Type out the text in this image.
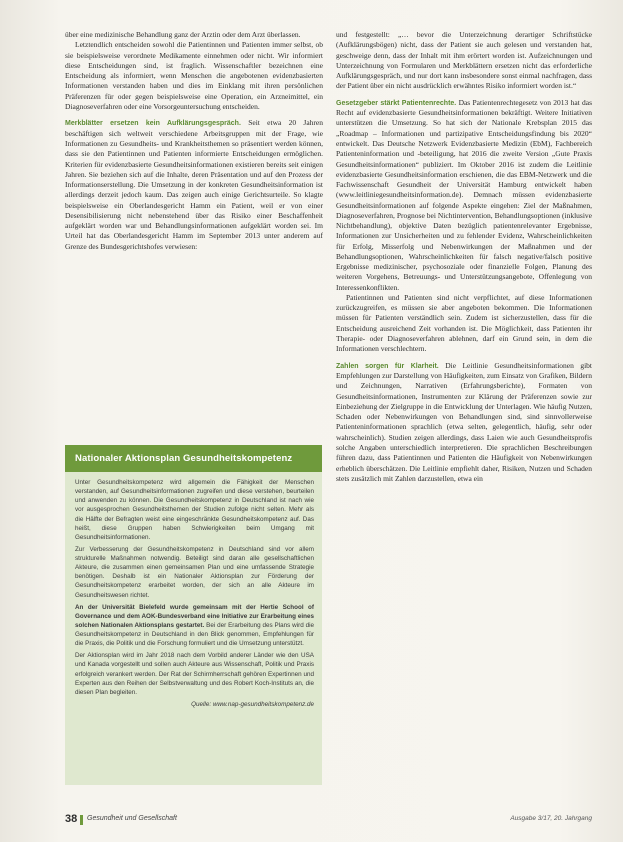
über eine medizinische Behandlung ganz der Arztin oder dem Arzt überlassen.

Letztendlich entscheiden sowohl die Patientinnen und Patienten immer selbst, ob sie beispielsweise verordnete Medikamente einnehmen oder nicht. Wir informiert diese Entscheidungen sind, ist fraglich. Wissenschaftler bezeichnen eine Entscheidung als informiert, wenn Menschen die angebotenen evidenzbasierten Informationen verstanden haben und dies im Einklang mit ihren persönlichen Präferenzen für oder gegen beispielsweise eine Operation, ein Arzneimittel, ein Diagnoseverfahren oder eine Vorsorgeuntersuchung entscheiden.

Merkblätter ersetzen kein Aufklärungsgespräch. Seit etwa 20 Jahren beschäftigen sich weltweit verschiedene Arbeitsgruppen mit der Frage, wie Informationen zu Gesundheits- und Krankheitsthemen so präsentiert werden können, dass sie den Patientinnen und Patienten informierte Entscheidungen ermöglichen. Kriterien für evidenzbasierte Gesundheitsinformationen existieren bereits seit einigen Jahren. Sie beziehen sich auf die Inhalte, deren Präsentation und auf den Prozess der Informationserstellung. Die Umsetzung in der konkreten Gesundheitsinformation ist allerdings derzeit jedoch kaum. Das zeigen auch einige Gerichtsurteile. So klagte beispielsweise ein Oberlandesgericht Hamm ein Patient, weil er von einer Desensibilisierung nicht nebenstehend über das Risiko einer Beschaffenheit aufgeklärt worden war und Behandlungsinformationen aufgeklärt worden sei. Im Urteil hat das Oberlandesgericht Hamm im September 2013 unter anderem auf Grenze des Bundesgerichtshofes verwiesen:

Nationaler Aktionsplan Gesundheitskompetenz

Unter Gesundheitskompetenz wird allgemein die Fähigkeit der Menschen verstanden, auf Gesundheitsinformationen zugreifen und diese verstehen, beurteilen und anwenden zu können. Die Gesundheitskompetenz in Deutschland ist nach wie vor ausgesprochen Gesundheitsthemen der Studien zufolge nicht selten. Mehr als die Hälfte der Befragten weist eine eingeschränkte Gesundheitskompetenz auf. Das heißt, diese Gruppen haben Schwierigkeiten beim Umgang mit Gesundheitsinformationen.

Zur Verbesserung der Gesundheitskompetenz in Deutschland sind vor allem strukturelle Maßnahmen notwendig. Beteiligt sind daran alle gesellschaftlichen Akteure, die zusammen einen gemeinsamen Plan und eine umfassende Strategie benötigen. Deshalb ist ein Nationaler Aktionsplan zur Förderung der Gesundheitskompetenz erarbeitet worden, der sich an alle Akteure im Gesundheitswesen richtet.

An der Universität Bielefeld wurde gemeinsam mit der Hertie School of Governance und dem AOK-Bundesverband eine Initiative zur Erarbeitung eines solchen Nationalen Aktionsplans gestartet. Bei der Erarbeitung des Plans wird die Gesundheitskompetenz in Deutschland in den Blick genommen, Empfehlungen für die Praxis, die Politik und die Forschung formuliert und die Umsetzung unterstützt.

Der Aktionsplan wird im Jahr 2018 nach dem Vorbild anderer Länder wie den USA und Kanada vorgestellt und sollen auch Akteure aus Wissenschaft, Politik und Praxis erfolgreich verankert werden. Der Rat der Schirmherrschaft gehören Expertinnen und Experten aus den Reihen der Selbstverwaltung und des Robert Koch-Instituts an, die diesen Plan begleiten.

Quelle: www.nap-gesundheitskompetenz.de

und festgestellt: „… bevor die Unterzeichnung derartiger Schriftstücke (Aufklärungsbögen) nicht, dass der Patient sie auch gelesen und verstanden hat, geschweige denn, dass der Inhalt mit ihm erörtert worden ist. Aufzeichnungen und Unterzeichnung von Formularen und Merkblättern ersetzen nicht das erforderliche Aufklärungsgespräch, und nur dort kann insbesondere sonst einmal nachfragen, dass der Patient über ein nicht ausdrücklich erwähntes Risiko informiert worden ist.“

Gesetzgeber stärkt Patientenrechte. Das Patientenrechtegesetz von 2013 hat das Recht auf evidenzbasierte Gesundheitsinformationen bekräftigt. Weitere Initiativen unterstützen die Umsetzung. So hat sich der Nationale Krebsplan 2015 das „Roadmap – Informationen und partizipative Entscheidungsfindung bis 2020“ entwickelt. Das Deutsche Netzwerk Evidenzbasierte Medizin (EbM), Fachbereich Patienteninformation und -beteiligung, hat 2016 die zweite Version „Gute Praxis Gesundheitsinformationen“ publiziert. Im Oktober 2016 ist zudem die Leitlinie evidenzbasierte Gesundheitsinformation erschienen, die das EBM-Netzwerk und die Fachwissenschaft Gesundheit der Universität Hamburg entwickelt haben (www.leitliniegesundheitsinformation.de). Demnach müssen evidenzbasierte Gesundheitsinformationen auf folgende Aspekte eingehen: Ziel der Maßnahmen, Diagnoseverfahren, Prognose bei Nichtintervention, Behandlungsoptionen (inklusive Nichtbehandlung), objektive Daten bezüglich patientenrelevanter Ergebnisse, Informationen zur Unsicherheiten und zu fehlender Evidenz, Wahrscheinlichkeiten für Erfolg, Misserfolg und Nebenwirkungen der Maßnahmen und der Behandlungsoptionen, Wahrscheinlichkeiten für falsch negative/falsch positive Ergebnisse medizinischer, psychosoziale oder finanzielle Folgen, Planung des weiteren Vorgehens, Betreuungs- und Unterstützungsangebote, Offenlegung von Interessenkonflikten.

Patientinnen und Patienten sind nicht verpflichtet, auf diese Informationen zurückzugreifen, es müssen sie aber angeboten bekommen. Die Informationen müssen für Patienten verständlich sein. Zudem ist sicherzustellen, dass für die Entscheidung ausreichend Zeit vorhanden ist. Die Möglichkeit, dass Patienten ihr Therapie- oder Diagnoseverfahren ablehnen, darf ein Grund sein, in dem die Informationen verschlechtern.

Zahlen sorgen für Klarheit. Die Leitlinie Gesundheitsinformationen gibt Empfehlungen zur Darstellung von Häufigkeiten, zum Einsatz von Grafiken, Bildern und Zeichnungen, Narrativen (Erfahrungsberichte), Formaten von Gesundheitsinformationen, Instrumenten zur Klärung der Präferenzen sowie zur Einbeziehung der Zielgruppe in die Entwicklung der Unterlagen. Wie häufig Nutzen, Schaden oder Nebenwirkungen von Behandlungen sind, sind sinnvollerweise Patienteninformationen sprachlich (etwa selten, gelegentlich, häufig, sehr oder wahrscheinlich). Studien zeigen allerdings, dass Laien wie auch Gesundheitsprofis solche Angaben unterschiedlich interpretieren. Die sprachlichen Beschreibungen führen dazu, dass Patientinnen und Patienten die Häufigkeit von Nebenwirkungen erheblich überschätzen. Die Leitlinie empfiehlt daher, Risiken, Nutzen und Schaden stets zusätzlich mit Zahlen darzustellen, etwa ein

38 Gesundheit und Gesellschaft	Ausgabe 3/17, 20. Jahrgang
